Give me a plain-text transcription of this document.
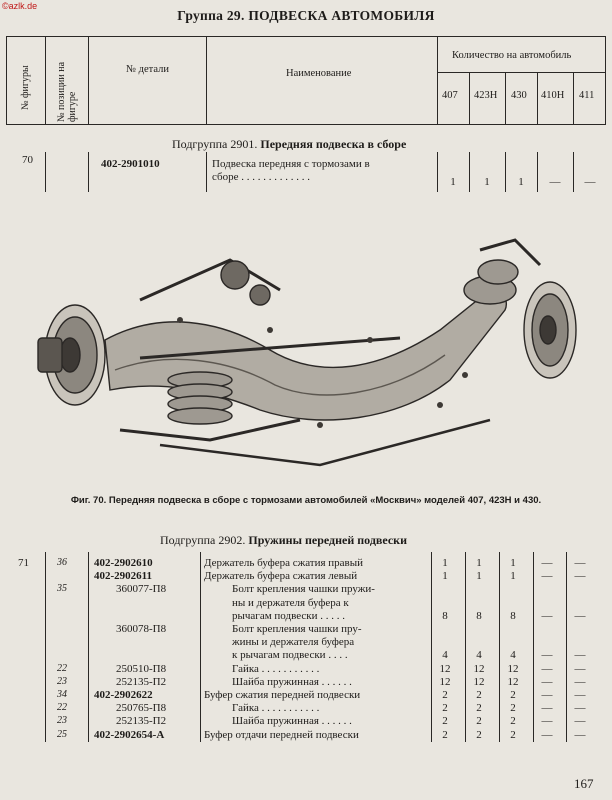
©azlk.de
Группа 29. ПОДВЕСКА АВТОМОБИЛЯ
№ фигуры	№ позиции на фигуре
№ детали	Наименование
Количество на автомобиль
407 423Н 430 410Н 411
Подгруппа 2901. Передняя подвеска в сборе
70	402-2901010	Подвеска передняя с тормозами в
сборе . . . . . . . . . . . . .	1	1	1	—	—
Фиг. 70. Передняя подвеска в сборе с тормозами автомобилей «Москвич» моделей 407, 423Н и 430.
Подгруппа 2902. Пружины передней подвески
71	36 402-2902610	Держатель буфера сжатия правый	1	1	1	—	—
402-2902611	Держатель буфера сжатия левый	1	1	1	—	—
35	360077-П8	Болт крепления чашки пружи-
ны и держателя буфера к
рычагам подвески . . . . .	8	8	8	—	—
360078-П8	Болт крепления чашки пру-
жины и держателя буфера
к рычагам подвески . . . .	4	4	4	—	—
22	250510-П8	Гайка . . . . . . . . . . .	12	12	12	—	—
23	252135-П2	Шайба пружинная . . . . . .	12	12	12	—	—
34 402-2902622	Буфер сжатия передней подвески	2	2	2	—	—
22	250765-П8	Гайка . . . . . . . . . . .	2	2	2	—	—
23	252135-П2	Шайба пружинная . . . . . .	2	2	2	—	—
25 402-2902654-А	Буфер отдачи передней подвески	2	2	2	—	—
167
